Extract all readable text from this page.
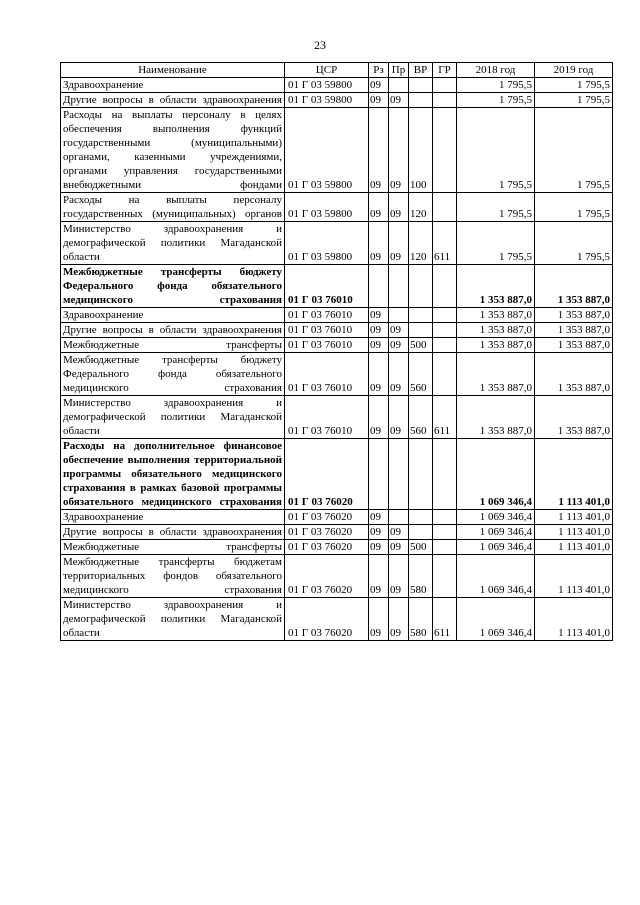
23
Наименование	ЦСР	Рз	Пр	ВР	ГР	2018 год	2019 год
Здравоохранение	01 Г 03 59800	09				1 795,5	1 795,5
Другие вопросы в области здравоохранения	01 Г 03 59800	09	09			1 795,5	1 795,5
Расходы на выплаты персоналу в целях обеспечения выполнения функций государственными (муниципальными) органами, казенными учреждениями, органами управления государственными внебюджетными фондами	01 Г 03 59800	09	09	100		1 795,5	1 795,5
Расходы на выплаты персоналу государственных (муниципальных) органов	01 Г 03 59800	09	09	120		1 795,5	1 795,5
Министерство здравоохранения и демографической политики Магаданской области	01 Г 03 59800	09	09	120	611	1 795,5	1 795,5
Межбюджетные трансферты бюджету Федерального фонда обязательного медицинского страхования	01 Г 03 76010					1 353 887,0	1 353 887,0
Здравоохранение	01 Г 03 76010	09				1 353 887,0	1 353 887,0
Другие вопросы в области здравоохранения	01 Г 03 76010	09	09			1 353 887,0	1 353 887,0
Межбюджетные трансферты	01 Г 03 76010	09	09	500		1 353 887,0	1 353 887,0
Межбюджетные трансферты бюджету Федерального фонда обязательного медицинского страхования	01 Г 03 76010	09	09	560		1 353 887,0	1 353 887,0
Министерство здравоохранения и демографической политики Магаданской области	01 Г 03 76010	09	09	560	611	1 353 887,0	1 353 887,0
Расходы на дополнительное финансовое обеспечение выполнения территориальной программы обязательного медицинского страхования в рамках базовой программы обязательного медицинского страхования	01 Г 03 76020					1 069 346,4	1 113 401,0
Здравоохранение	01 Г 03 76020	09				1 069 346,4	1 113 401,0
Другие вопросы в области здравоохранения	01 Г 03 76020	09	09			1 069 346,4	1 113 401,0
Межбюджетные трансферты	01 Г 03 76020	09	09	500		1 069 346,4	1 113 401,0
Межбюджетные трансферты бюджетам территориальных фондов обязательного медицинского страхования	01 Г 03 76020	09	09	580		1 069 346,4	1 113 401,0
Министерство здравоохранения и демографической политики Магаданской области	01 Г 03 76020	09	09	580	611	1 069 346,4	1 113 401,0
